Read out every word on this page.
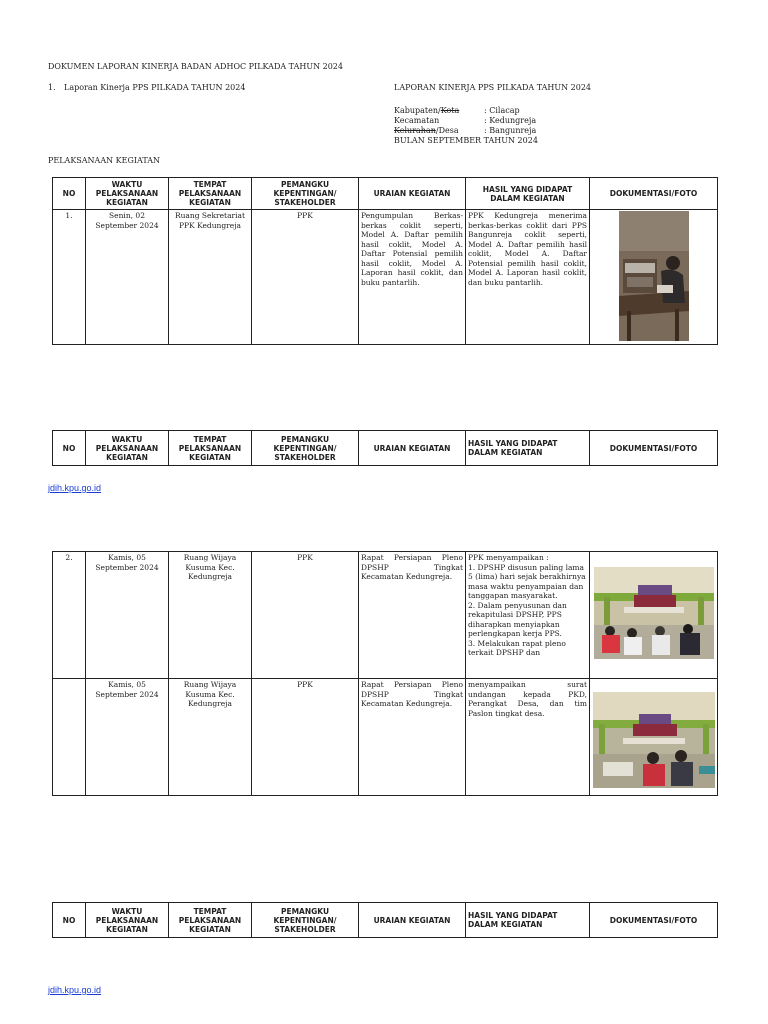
DOKUMEN LAPORAN KINERJA BADAN ADHOC PILKADA TAHUN 2024
1. Laporan Kinerja PPS PILKADA TAHUN 2024	LAPORAN KINERJA PPS PILKADA TAHUN 2024
Kabupaten/Kota	: Cilacap
Kecamatan	: Kedungreja
Kelurahan/Desa	: Bangunreja
BULAN SEPTEMBER TAHUN 2024
PELAKSANAAN KEGIATAN
NO	WAKTU
PELAKSANAAN
KEGIATAN	TEMPAT
PELAKSANAAN
KEGIATAN	PEMANGKU
KEPENTINGAN/
STAKEHOLDER	URAIAN KEGIATAN	HASIL YANG DIDAPAT
DALAM KEGIATAN	DOKUMENTASI/FOTO
1.	Senin, 02 September 2024	Ruang Sekretariat PPK Kedungreja	PPK	Pengumpulan Berkas-berkas coklit seperti, Model A. Daftar pemilih hasil coklit, Model A. Daftar Potensial pemilih hasil coklit, Model A. Laporan hasil coklit, dan buku pantarlih.	PPK Kedungreja menerima berkas-berkas coklit dari PPS Bangunreja coklit seperti, Model A. Daftar pemilih hasil coklit, Model A. Daftar Potensial pemilih hasil coklit, Model A. Laporan hasil coklit, dan buku pantarlih.	
NO	WAKTU
PELAKSANAAN
KEGIATAN	TEMPAT
PELAKSANAAN
KEGIATAN	PEMANGKU
KEPENTINGAN/
STAKEHOLDER	URAIAN KEGIATAN	HASIL YANG DIDAPAT
DALAM KEGIATAN	DOKUMENTASI/FOTO
jdih.kpu.go.id
2.	Kamis, 05 September 2024	Ruang Wijaya Kusuma Kec. Kedungreja	PPK	Rapat Persiapan Pleno DPSHP Tingkat Kecamatan Kedungreja.	PPK menyampaikan :
1. DPSHP disusun paling lama 5 (lima) hari sejak berakhirnya masa waktu penyampaian dan tanggapan masyarakat.
2. Dalam penyusunan dan rekapitulasi DPSHP, PPS diharapkan menyiapkan perlengkapan kerja PPS.
3. Melakukan rapat pleno terkait DPSHP dan

	Kamis, 05 September 2024	Ruang Wijaya Kusuma Kec. Kedungreja	PPK	Rapat Persiapan Pleno DPSHP Tingkat Kecamatan Kedungreja.	menyampaikan surat undangan kepada PKD, Perangkat Desa, dan tim Paslon tingkat desa.	
NO	WAKTU
PELAKSANAAN
KEGIATAN	TEMPAT
PELAKSANAAN
KEGIATAN	PEMANGKU
KEPENTINGAN/
STAKEHOLDER	URAIAN KEGIATAN	HASIL YANG DIDAPAT
DALAM KEGIATAN	DOKUMENTASI/FOTO
jdih.kpu.go.id
